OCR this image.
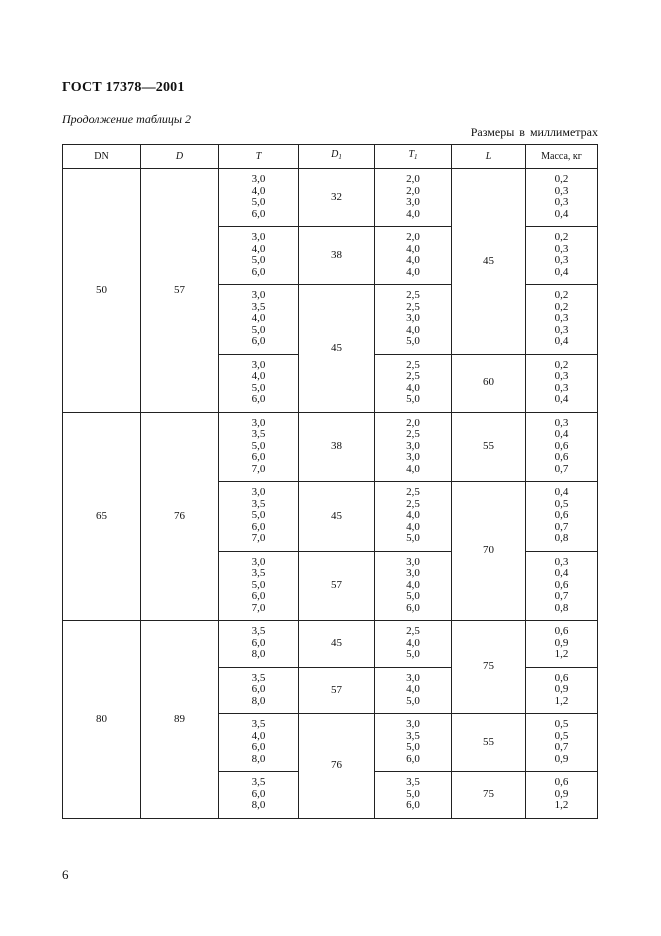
ГОСТ 17378—2001
Продолжение таблицы 2
Размеры в миллиметрах
DN	D	T	$D_1$	$T_1$	L	Масса, кг
50	57	3,0
4,0
5,0
6,0	32	2,0
2,0
3,0
4,0	45	0,2
0,3
0,3
0,4

		3,0
4,0
5,0
6,0	38	2,0
4,0
4,0
4,0		0,2
0,3
0,3
0,4

		3,0
3,5
4,0
5,0
6,0	45	2,5
2,5
3,0
4,0
5,0		0,2
0,2
0,3
0,3
0,4

		3,0
4,0
5,0
6,0		2,5
2,5
4,0
5,0	60	0,2
0,3
0,3
0,4

65	76	3,0
3,5
5,0
6,0
7,0	38	2,0
2,5
3,0
3,0
4,0	55	0,3
0,4
0,6
0,6
0,7

		3,0
3,5
5,0
6,0
7,0	45	2,5
2,5
4,0
4,0
5,0	70	0,4
0,5
0,6
0,7
0,8

		3,0
3,5
5,0
6,0
7,0	57	3,0
3,0
4,0
5,0
6,0		0,3
0,4
0,6
0,7
0,8

80	89	3,5
6,0
8,0	45	2,5
4,0
5,0	75	0,6
0,9
1,2

		3,5
6,0
8,0	57	3,0
4,0
5,0		0,6
0,9
1,2

		3,5
4,0
6,0
8,0	76	3,0
3,5
5,0
6,0	55	0,5
0,5
0,7
0,9

		3,5
6,0
8,0		3,5
5,0
6,0	75	0,6
0,9
1,2
6
